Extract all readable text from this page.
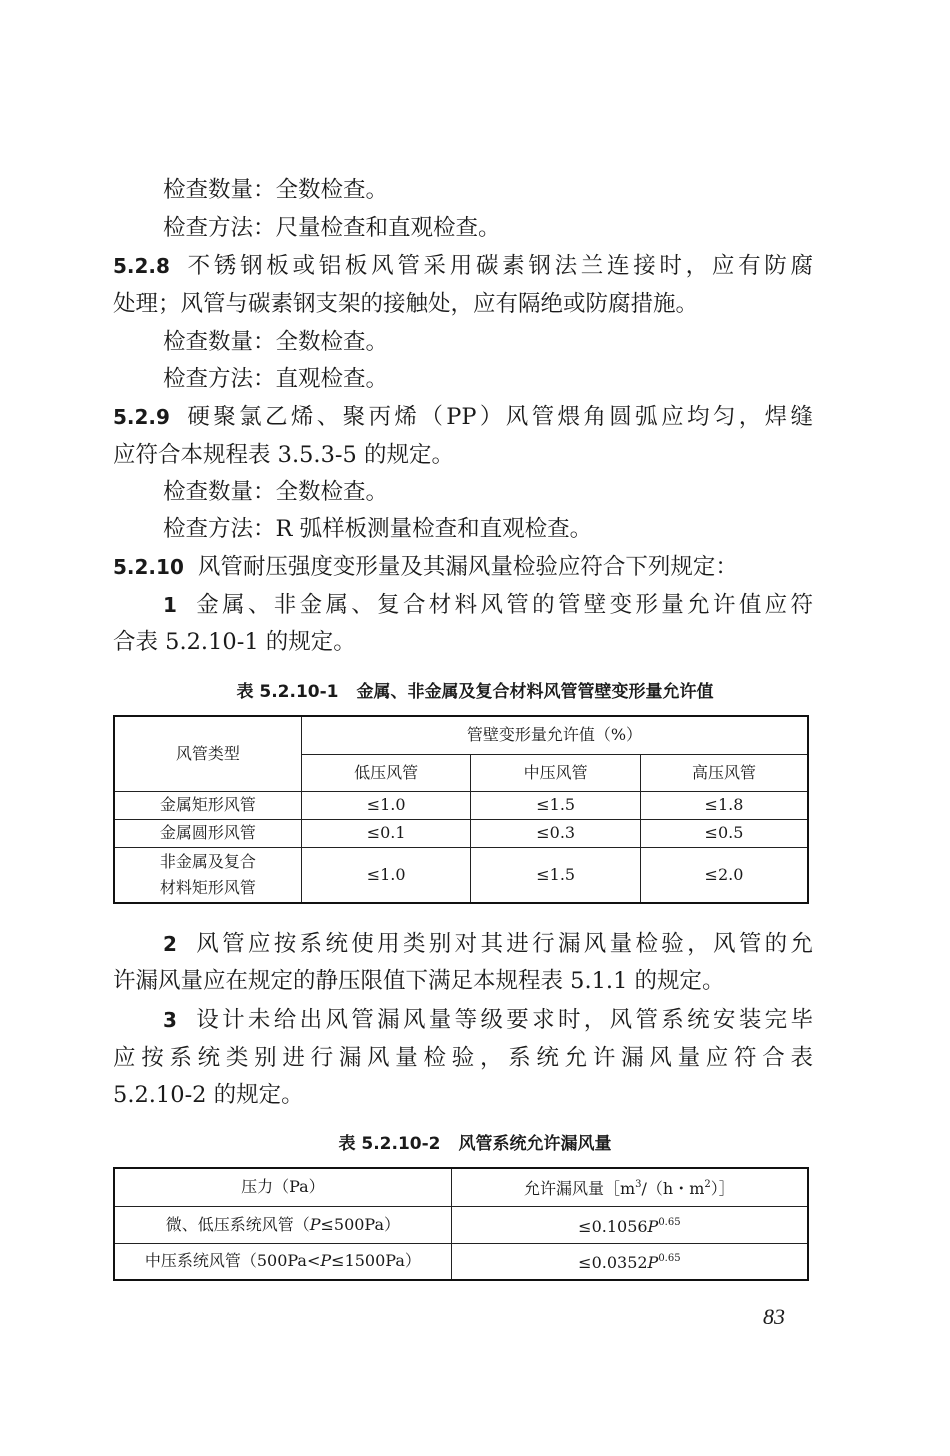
检查数量：全数检查。
检查方法：尺量检查和直观检查。
5.2.8 不锈钢板或铝板风管采用碳素钢法兰连接时，应有防腐
处理；风管与碳素钢支架的接触处，应有隔绝或防腐措施。
检查数量：全数检查。
检查方法：直观检查。
5.2.9 硬聚氯乙烯、聚丙烯（PP）风管煨角圆弧应均匀，焊缝
应符合本规程表 3.5.3-5 的规定。
检查数量：全数检查。
检查方法：R 弧样板测量检查和直观检查。
5.2.10 风管耐压强度变形量及其漏风量检验应符合下列规定：
1 金属、非金属、复合材料风管的管壁变形量允许值应符
合表 5.2.10-1 的规定。
表 5.2.10-1 金属、非金属及复合材料风管管壁变形量允许值
风管类型	管壁变形量允许值（%）		
	低压风管	中压风管	高压风管
金属矩形风管	≤1.0	≤1.5	≤1.8
金属圆形风管	≤0.1	≤0.3	≤0.5

非金属及复合
材料矩形风管	≤1.0	≤1.5	≤2.0
2 风管应按系统使用类别对其进行漏风量检验，风管的允
许漏风量应在规定的静压限值下满足本规程表 5.1.1 的规定。
3 设计未给出风管漏风量等级要求时，风管系统安装完毕
应按系统类别进行漏风量检验，系统允许漏风量应符合表
5.2.10-2 的规定。
表 5.2.10-2 风管系统允许漏风量
压力（Pa）	允许漏风量$[m^3/(h$・$m^2)]$
微、低压系统风管（P≤500Pa）	$\le 0.1056P^{0.65}$
中压系统风管（500Pa<P≤1500Pa）	$\le 0.0352P^{0.65}$
83
